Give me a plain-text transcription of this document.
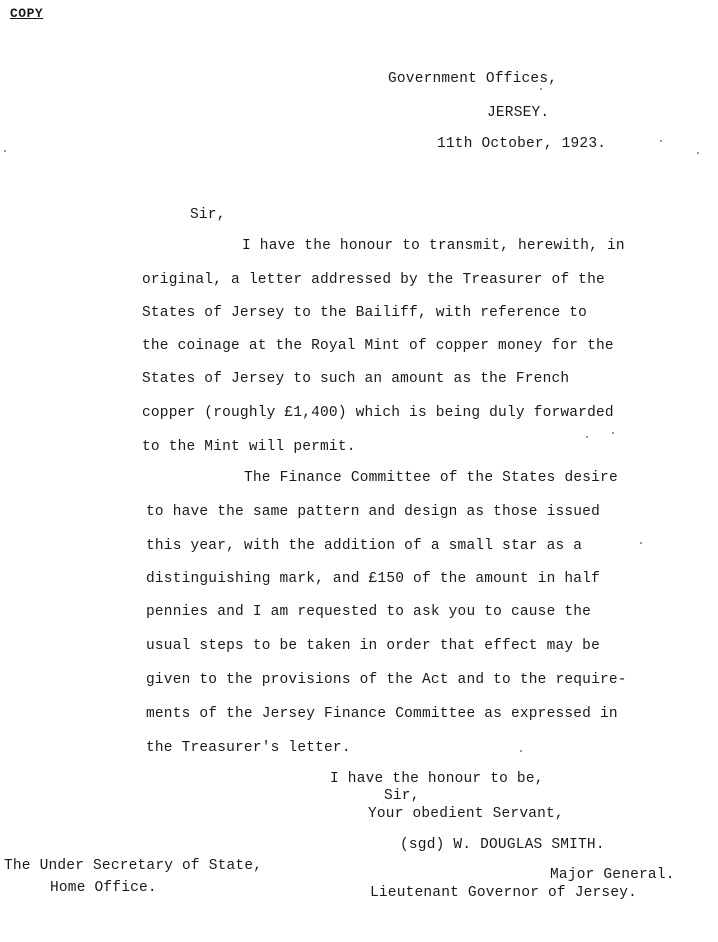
COPY
Government Offices,
JERSEY.
11th October, 1923.
Sir,
I have the honour to transmit, herewith, in
original, a letter addressed by the Treasurer of the
States of Jersey to the Bailiff, with reference to
the coinage at the Royal Mint of copper money for the
States of Jersey to such an amount as the French
copper (roughly £1,400) which is being duly forwarded
to the Mint will permit.
The Finance Committee of the States desire
to have the same pattern and design as those issued
this year, with the addition of a small star as a
distinguishing mark, and £150 of the amount in half
pennies and I am requested to ask you to cause the
usual steps to be taken in order that effect may be
given to the provisions of the Act and to the require-
ments of the Jersey Finance Committee as expressed in
the Treasurer's letter.
I have the honour to be,
Sir,
Your obedient Servant,
(sgd) W. DOUGLAS SMITH.
Major General.
Lieutenant Governor of Jersey.
The Under Secretary of State,
Home Office.
